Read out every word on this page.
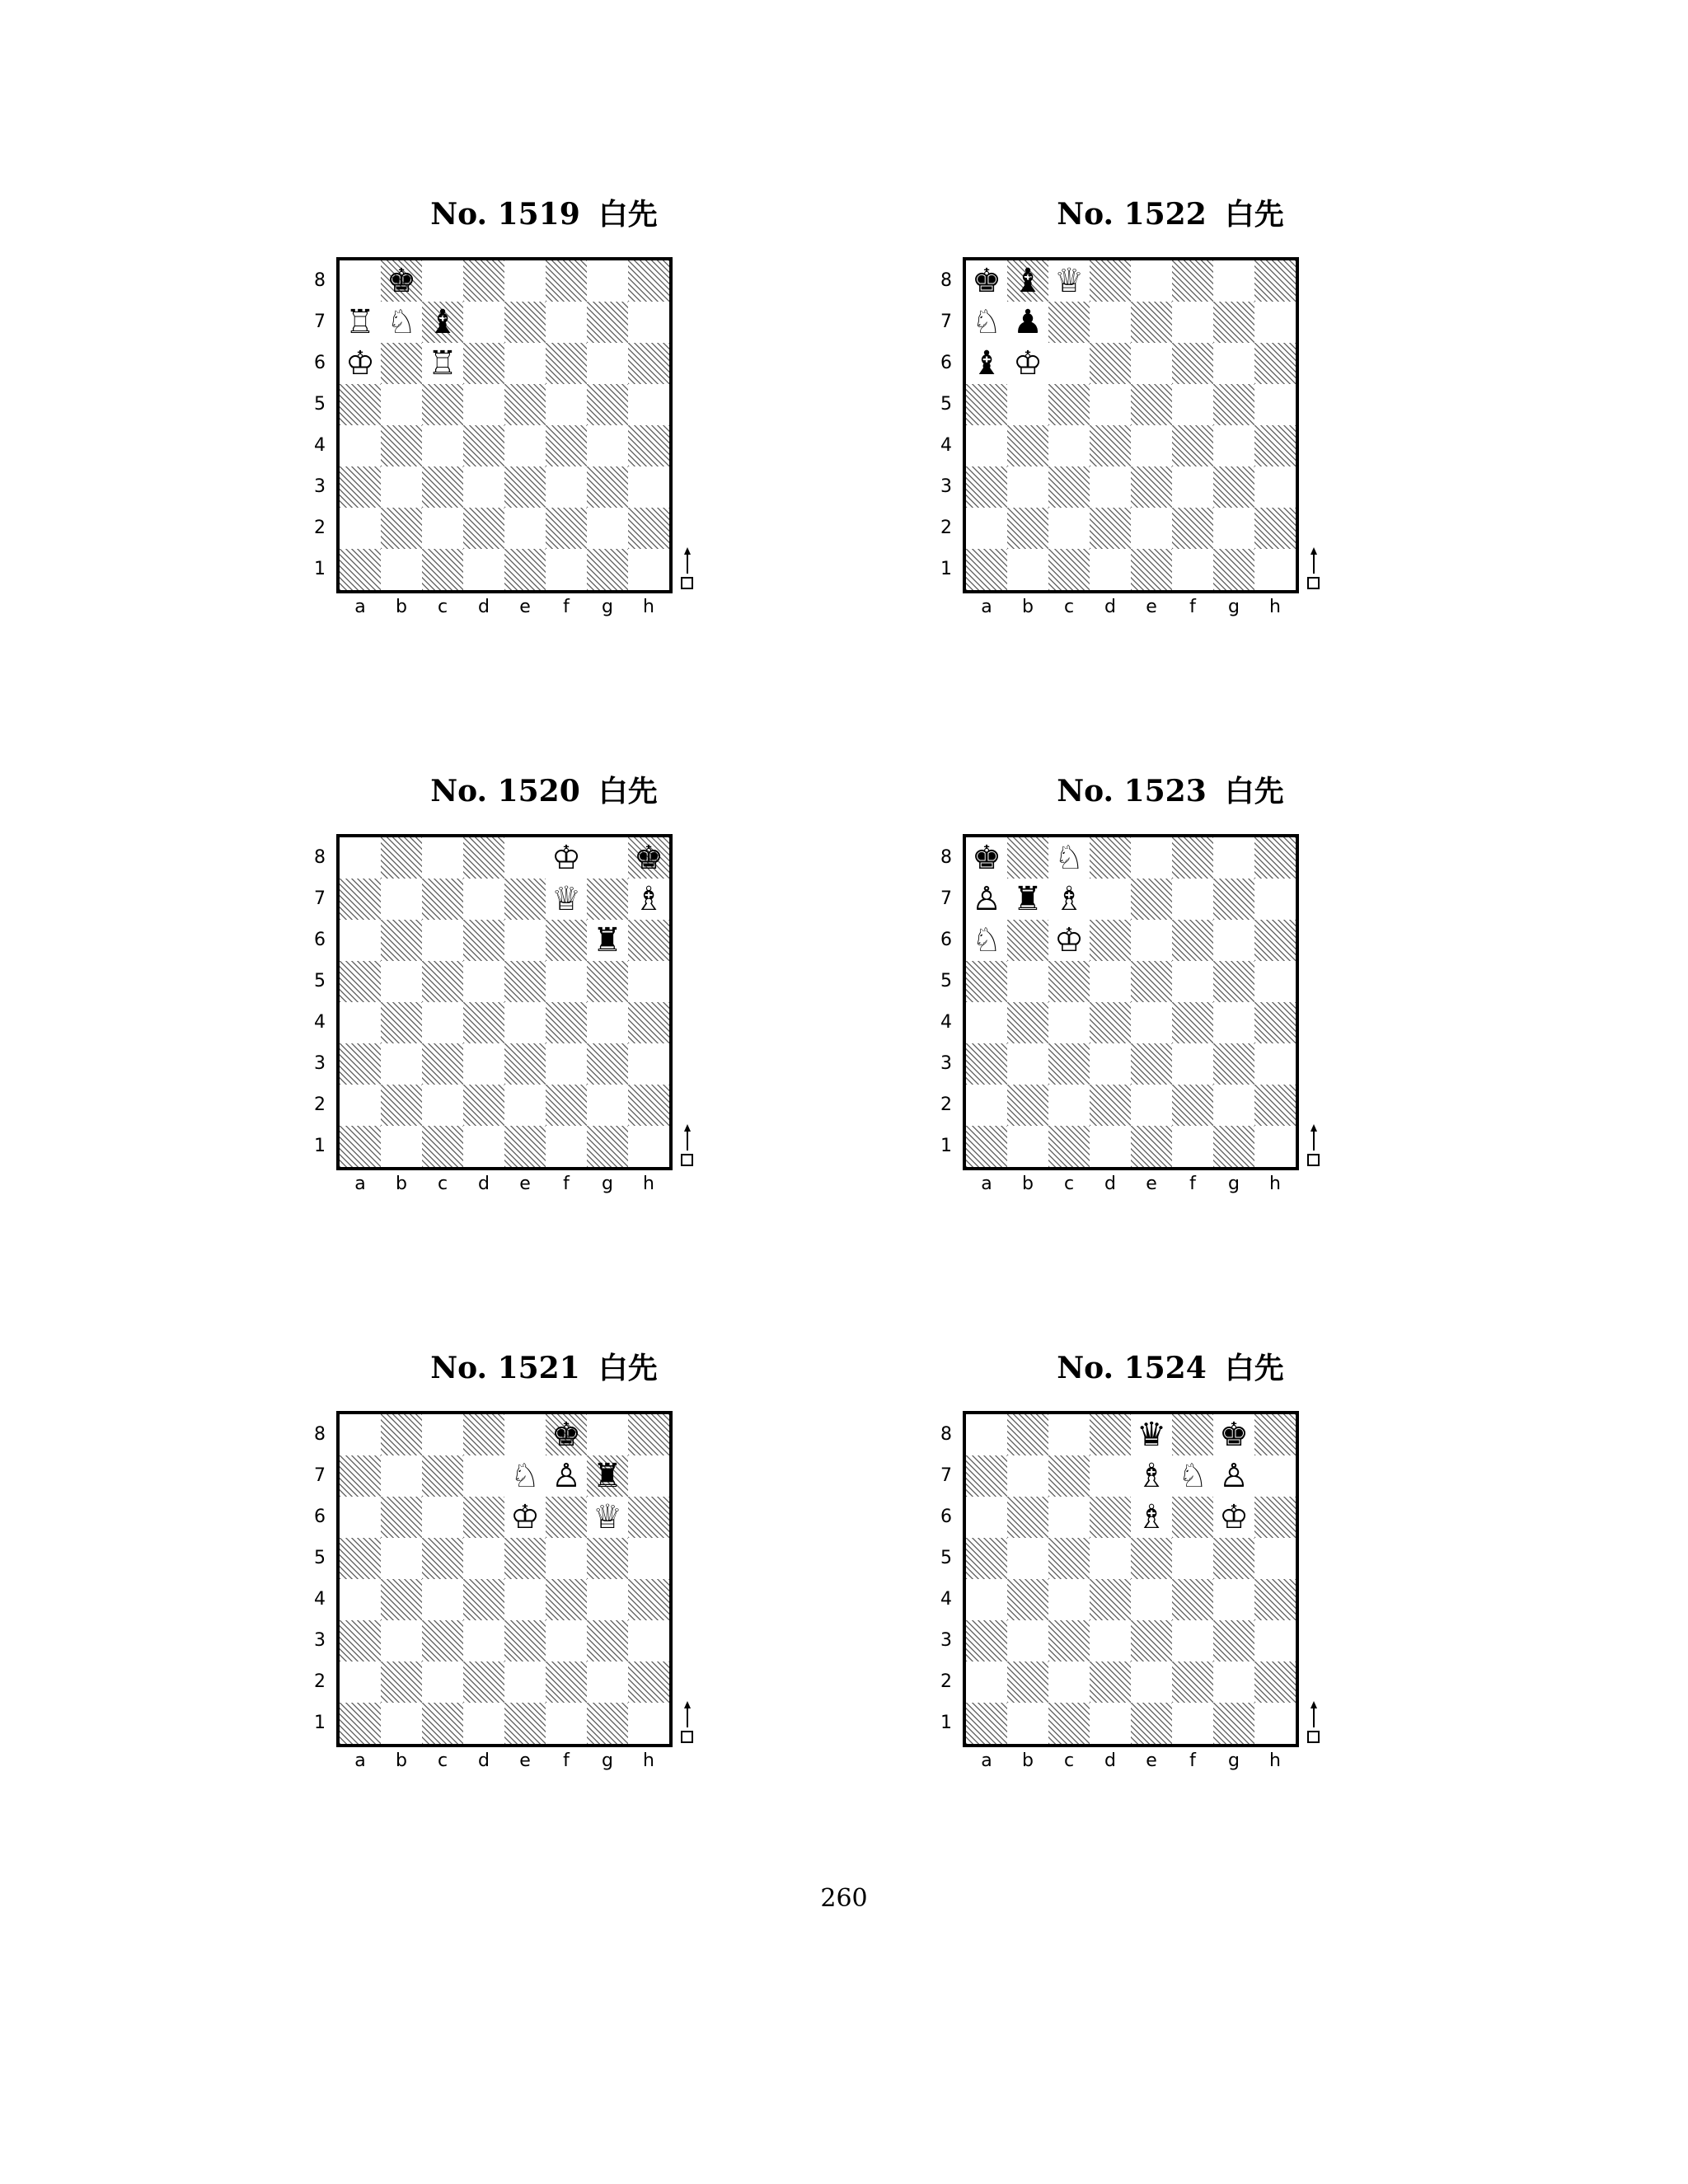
No. 1519 白先
♚
♖ ♘ ♝
♔ ♖
8
7
6
5
4
3
2
1
a	b	c	d	e	f	g	h
No. 1520 白先
♔ ♚
♕ ♗
♜
8
7
6
5
4
3
2
1
a	b	c	d	e	f	g	h
No. 1521 白先
♚
♘ ♙ ♜
♔ ♕
8
7
6
5
4
3
2
1
a	b	c	d	e	f	g	h
No. 1522 白先
♚ ♝ ♕
♘ ♟
♝ ♔
8
7
6
5
4
3
2
1
a	b	c	d	e	f	g	h
No. 1523 白先
♚ ♘
♙ ♜ ♗
♘ ♔
8
7
6
5
4
3
2
1
a	b	c	d	e	f	g	h
No. 1524 白先
♛ ♚
♗ ♘ ♙
♗ ♔
8
7
6
5
4
3
2
1
a	b	c	d	e	f	g	h
260
